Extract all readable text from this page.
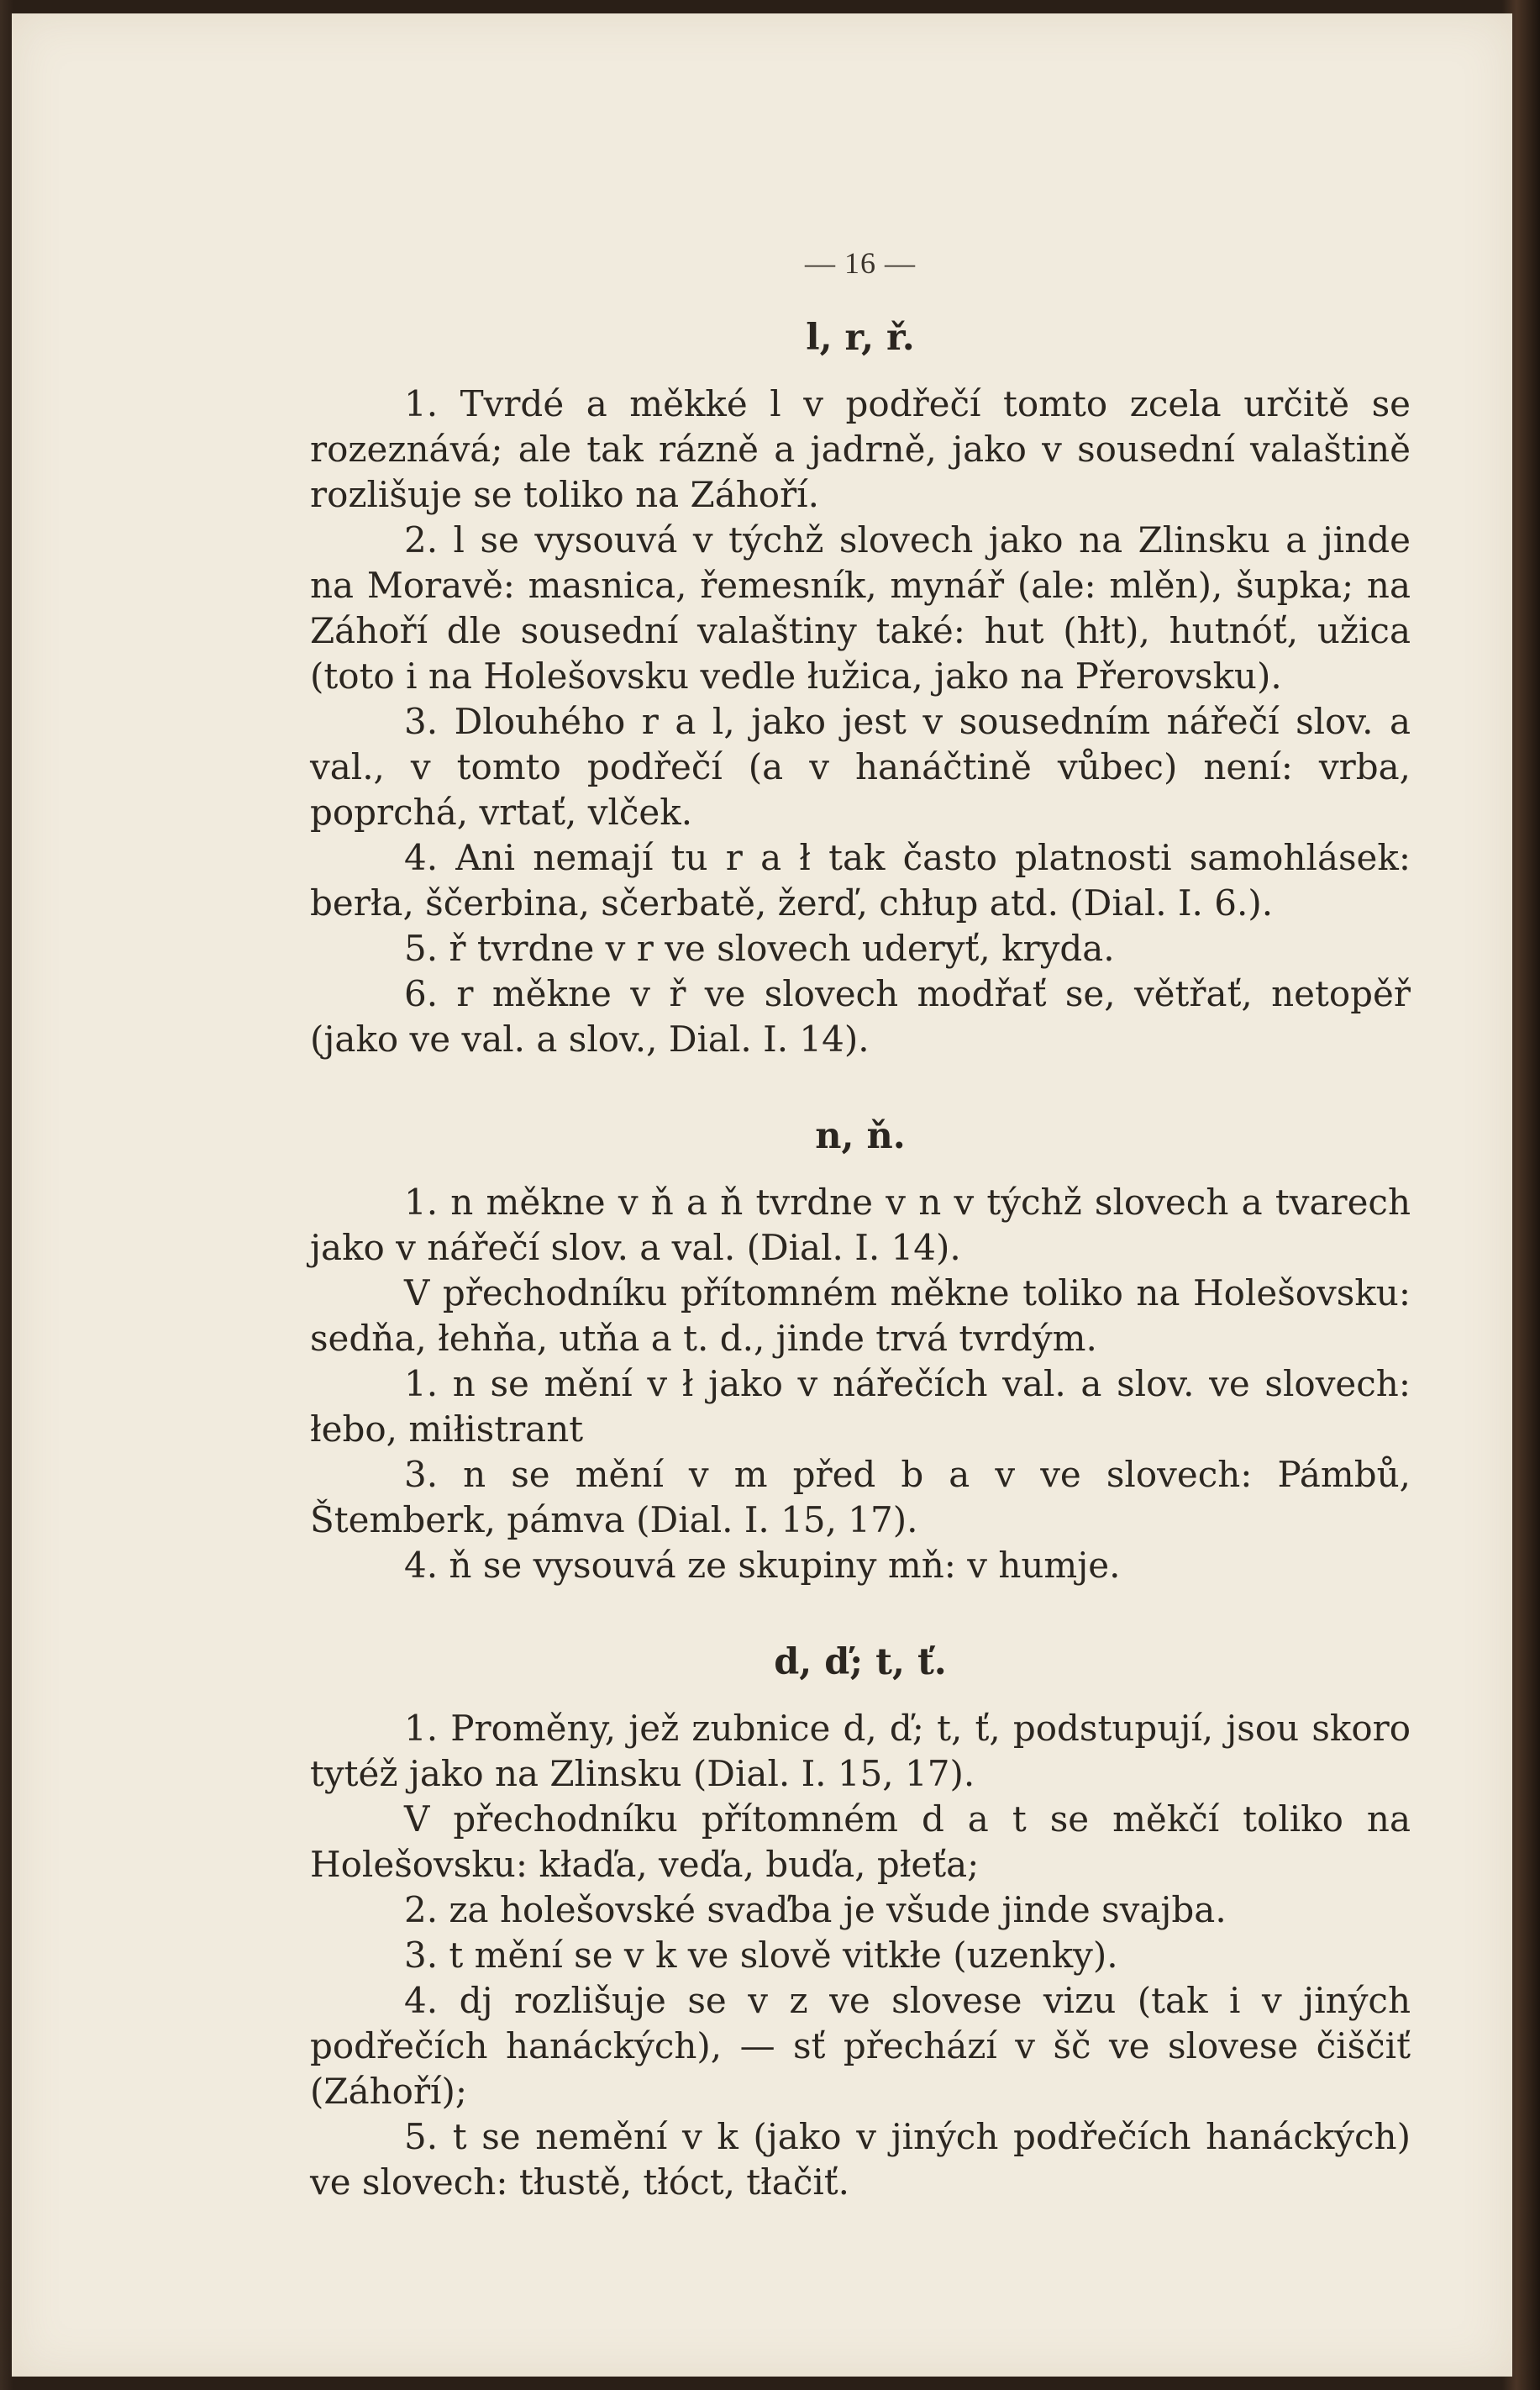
— 16 —
l, r, ř.

1. Tvrdé a měkké l v podřečí tomto zcela určitě se rozeznává; ale tak rázně a jadrně, jako v sousední valaštině rozlišuje se toliko na Záhoří.

2. l se vysouvá v týchž slovech jako na Zlinsku a jinde na Moravě: masnica, řemesník, mynář (ale: mlěn), šupka; na Záhoří dle sousední valaštiny také: hut (hłt), hutnóť, užica (toto i na Holešovsku vedle łužica, jako na Přerovsku).

3. Dlouhého r a l, jako jest v sousedním nářečí slov. a val., v tomto podřečí (a v hanáčtině vůbec) není: vrba, poprchá, vrtať, vlček.

4. Ani nemají tu r a ł tak často platnosti samohlásek: berła, ščerbina, sčerbatě, žerď, chłup atd. (Dial. I. 6.).

5. ř tvrdne v r ve slovech uderyť, kryda.

6. r měkne v ř ve slovech modřať se, větřať, netopěř (jako ve val. a slov., Dial. I. 14).

n, ň.

1. n měkne v ň a ň tvrdne v n v týchž slovech a tvarech jako v nářečí slov. a val. (Dial. I. 14).

V přechodníku přítomném měkne toliko na Holešovsku: sedňa, łehňa, utňa a t. d., jinde trvá tvrdým.

1. n se mění v ł jako v nářečích val. a slov. ve slovech: łebo, miłistrant

3. n se mění v m před b a v ve slovech: Pámbů, Štemberk, pámva (Dial. I. 15, 17).

4. ň se vysouvá ze skupiny mň: v humje.

d, ď; t, ť.

1. Proměny, jež zubnice d, ď; t, ť, podstupují, jsou skoro tytéž jako na Zlinsku (Dial. I. 15, 17).

V přechodníku přítomném d a t se měkčí toliko na Holešovsku: kłaďa, veďa, buďa, płeťa;

2. za holešovské svaďba je všude jinde svajba.

3. t mění se v k ve slově vitkłe (uzenky).

4. dj rozlišuje se v z ve slovese vizu (tak i v jiných podřečích hanáckých), — sť přechází v šč ve slovese čiščiť (Záhoří);

5. t se nemění v k (jako v jiných podřečích hanáckých) ve slovech: tłustě, tłóct, tłačiť.
